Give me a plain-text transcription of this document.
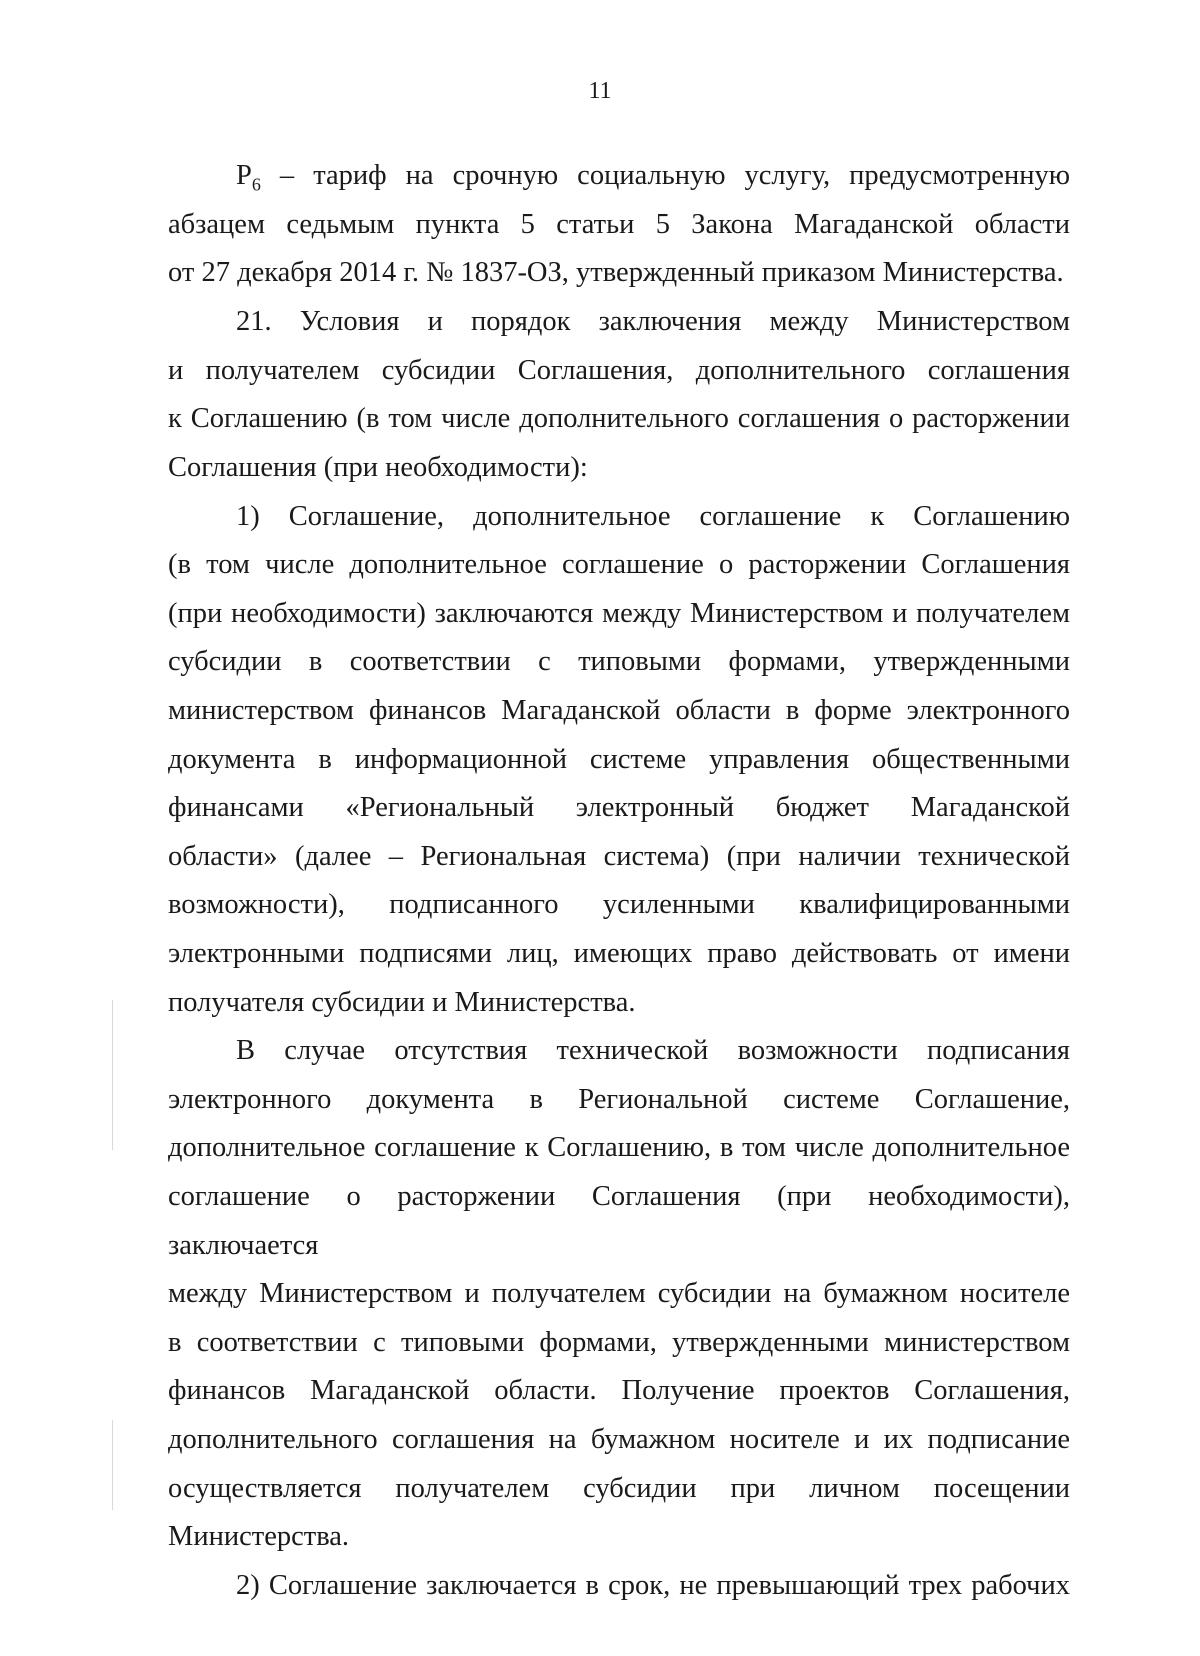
11
$P_6$ – тариф на срочную социальную услугу, предусмотренную
абзацем седьмым пункта 5 статьи 5 Закона Магаданской области
от 27 декабря 2014 г. № 1837-ОЗ, утвержденный приказом Министерства.
21. Условия и порядок заключения между Министерством
и получателем субсидии Соглашения, дополнительного соглашения
к Соглашению (в том числе дополнительного соглашения о расторжении
Соглашения (при необходимости):
1) Соглашение, дополнительное соглашение к Соглашению
(в том числе дополнительное соглашение о расторжении Соглашения
(при необходимости) заключаются между Министерством и получателем
субсидии в соответствии с типовыми формами, утвержденными
министерством финансов Магаданской области в форме электронного
документа в информационной системе управления общественными
финансами «Региональный электронный бюджет Магаданской
области» (далее – Региональная система) (при наличии технической
возможности), подписанного усиленными квалифицированными
электронными подписями лиц, имеющих право действовать от имени
получателя субсидии и Министерства.
В случае отсутствия технической возможности подписания
электронного документа в Региональной системе Соглашение,
дополнительное соглашение к Соглашению, в том числе дополнительное
соглашение о расторжении Соглашения (при необходимости), заключается
между Министерством и получателем субсидии на бумажном носителе
в соответствии с типовыми формами, утвержденными министерством
финансов Магаданской области. Получение проектов Соглашения,
дополнительного соглашения на бумажном носителе и их подписание
осуществляется получателем субсидии при личном посещении
Министерства.
2) Соглашение заключается в срок, не превышающий трех рабочих
